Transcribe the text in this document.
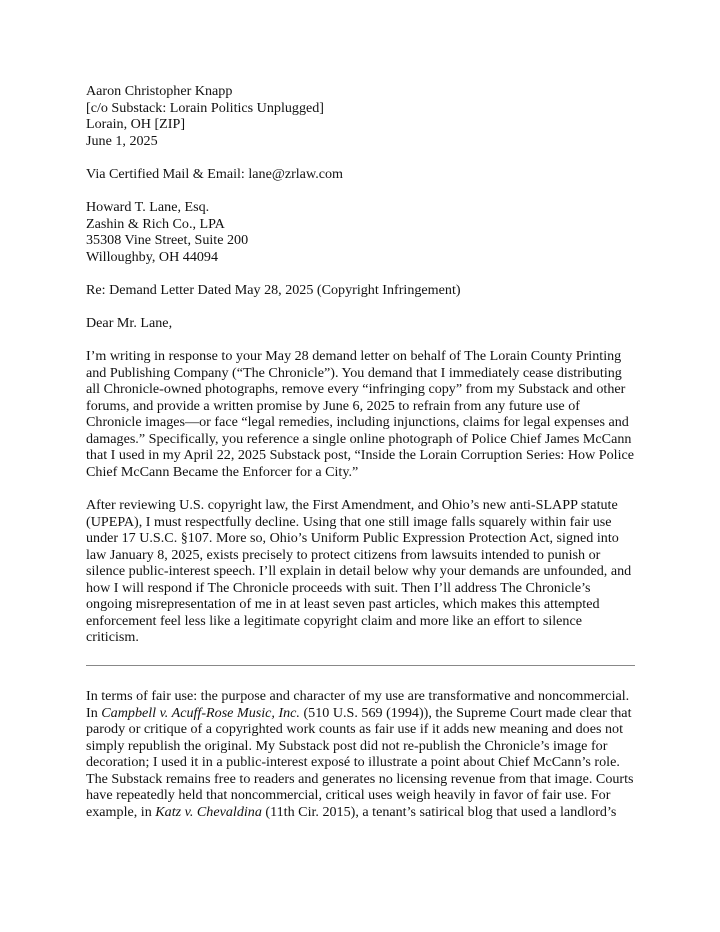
Aaron Christopher Knapp
[c/o Substack: Lorain Politics Unplugged]
Lorain, OH [ZIP]
June 1, 2025
Via Certified Mail & Email: lane@zrlaw.com
Howard T. Lane, Esq.
Zashin & Rich Co., LPA
35308 Vine Street, Suite 200
Willoughby, OH 44094
Re: Demand Letter Dated May 28, 2025 (Copyright Infringement)
Dear Mr. Lane,
I’m writing in response to your May 28 demand letter on behalf of The Lorain County Printing
and Publishing Company (“The Chronicle”). You demand that I immediately cease distributing
all Chronicle-owned photographs, remove every “infringing copy” from my Substack and other
forums, and provide a written promise by June 6, 2025 to refrain from any future use of
Chronicle images—or face “legal remedies, including injunctions, claims for legal expenses and
damages.” Specifically, you reference a single online photograph of Police Chief James McCann
that I used in my April 22, 2025 Substack post, “Inside the Lorain Corruption Series: How Police
Chief McCann Became the Enforcer for a City.”
After reviewing U.S. copyright law, the First Amendment, and Ohio’s new anti-SLAPP statute
(UPEPA), I must respectfully decline. Using that one still image falls squarely within fair use
under 17 U.S.C. §107. More so, Ohio’s Uniform Public Expression Protection Act, signed into
law January 8, 2025, exists precisely to protect citizens from lawsuits intended to punish or
silence public-interest speech. I’ll explain in detail below why your demands are unfounded, and
how I will respond if The Chronicle proceeds with suit. Then I’ll address The Chronicle’s
ongoing misrepresentation of me in at least seven past articles, which makes this attempted
enforcement feel less like a legitimate copyright claim and more like an effort to silence
criticism.
In terms of fair use: the purpose and character of my use are transformative and noncommercial.
In Campbell v. Acuff-Rose Music, Inc. (510 U.S. 569 (1994)), the Supreme Court made clear that
parody or critique of a copyrighted work counts as fair use if it adds new meaning and does not
simply republish the original. My Substack post did not re-publish the Chronicle’s image for
decoration; I used it in a public-interest exposé to illustrate a point about Chief McCann’s role.
The Substack remains free to readers and generates no licensing revenue from that image. Courts
have repeatedly held that noncommercial, critical uses weigh heavily in favor of fair use. For
example, in Katz v. Chevaldina (11th Cir. 2015), a tenant’s satirical blog that used a landlord’s
